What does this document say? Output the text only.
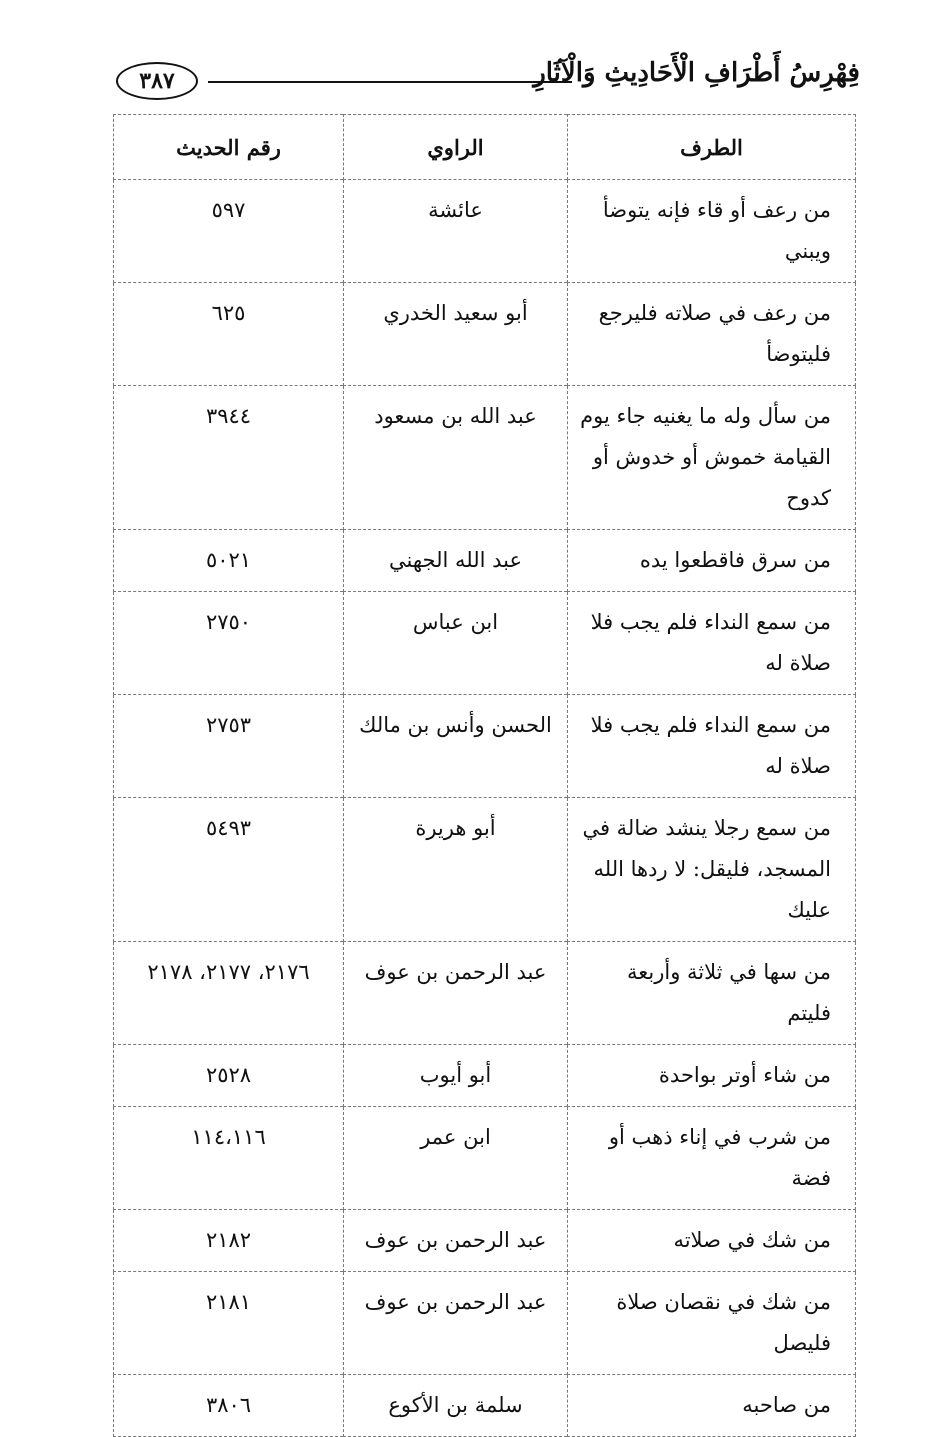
فِهْرِسُ أَطْرَافِ الْأَحَادِيثِ وَالْآثَارِ
٣٨٧
الطرف	الراوي	رقم الحديث
من رعف أو قاء فإنه يتوضأ ويبني	عائشة	٥٩٧
من رعف في صلاته فليرجع فليتوضأ	أبو سعيد الخدري	٦٢٥
من سأل وله ما يغنيه جاء يوم القيامة خموش أو خدوش أو كدوح	عبد الله بن مسعود	٣٩٤٤
من سرق فاقطعوا يده	عبد الله الجهني	٥٠٢١
من سمع النداء فلم يجب فلا صلاة له	ابن عباس	٢٧٥٠
من سمع النداء فلم يجب فلا صلاة له	الحسن وأنس بن مالك	٢٧٥٣
من سمع رجلا ينشد ضالة في المسجد، فليقل: لا ردها الله عليك	أبو هريرة	٥٤٩٣
من سها في ثلاثة وأربعة فليتم	عبد الرحمن بن عوف	٢١٧٦، ٢١٧٧، ٢١٧٨
من شاء أوتر بواحدة	أبو أيوب	٢٥٢٨
من شرب في إناء ذهب أو فضة	ابن عمر	١١٤،١١٦
من شك في صلاته	عبد الرحمن بن عوف	٢١٨٢
من شك في نقصان صلاة فليصل	عبد الرحمن بن عوف	٢١٨١
من صاحبه	سلمة بن الأكوع	٣٨٠٦
